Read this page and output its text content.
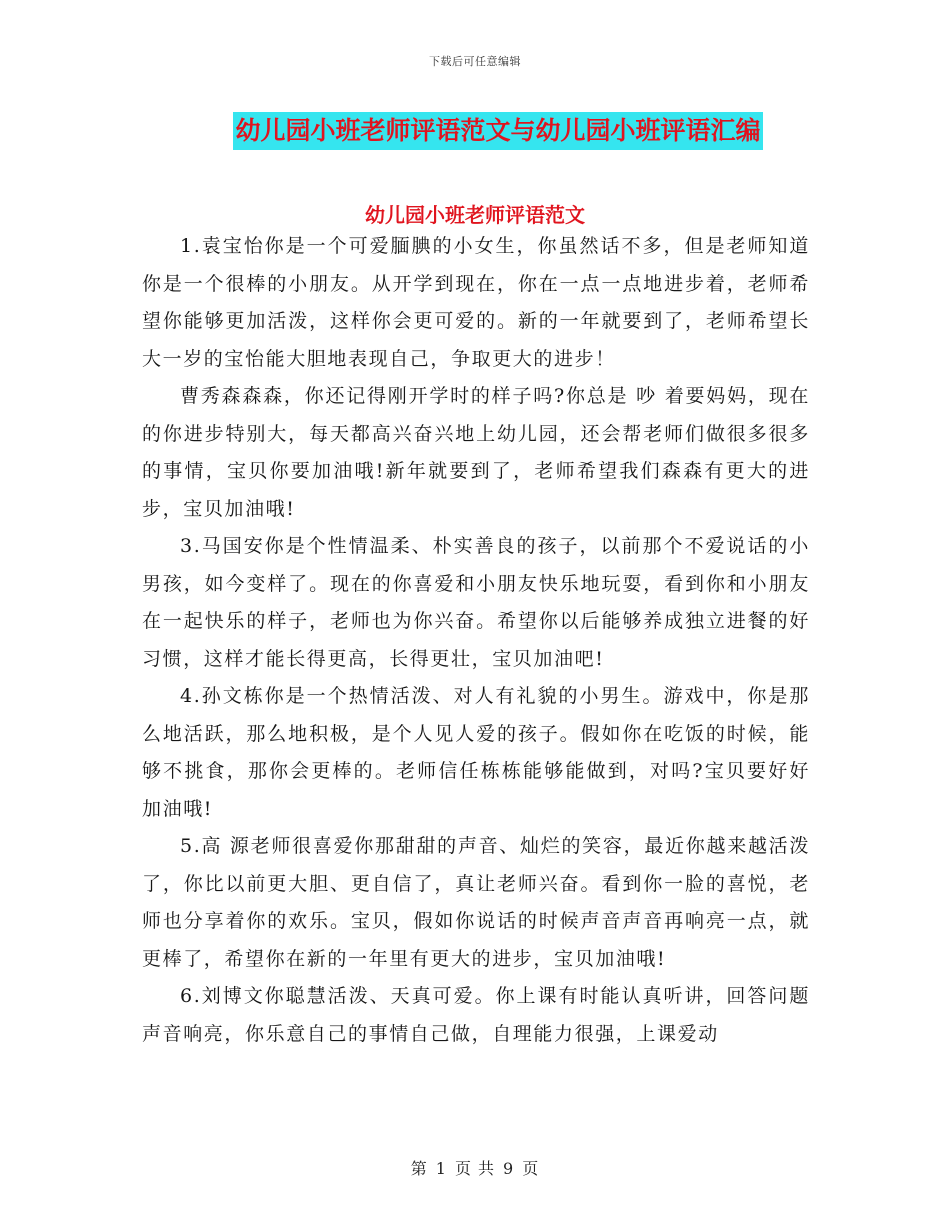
下载后可任意编辑
幼儿园小班老师评语范文与幼儿园小班评语汇编
幼儿园小班老师评语范文

1.袁宝怡你是一个可爱腼腆的小女生，你虽然话不多，但是老师知道你是一个很棒的小朋友。从开学到现在，你在一点一点地进步着，老师希望你能够更加活泼，这样你会更可爱的。新的一年就要到了，老师希望长大一岁的宝怡能大胆地表现自己，争取更大的进步！

曹秀森森森，你还记得刚开学时的样子吗?你总是 吵 着要妈妈，现在的你进步特别大，每天都高兴奋兴地上幼儿园，还会帮老师们做很多很多的事情，宝贝你要加油哦!新年就要到了，老师希望我们森森有更大的进步，宝贝加油哦!

3.马国安你是个性情温柔、朴实善良的孩子，以前那个不爱说话的小男孩，如今变样了。现在的你喜爱和小朋友快乐地玩耍，看到你和小朋友在一起快乐的样子，老师也为你兴奋。希望你以后能够养成独立进餐的好习惯，这样才能长得更高，长得更壮，宝贝加油吧!

4.孙文栋你是一个热情活泼、对人有礼貌的小男生。游戏中，你是那么地活跃，那么地积极，是个人见人爱的孩子。假如你在吃饭的时候，能够不挑食，那你会更棒的。老师信任栋栋能够能做到，对吗?宝贝要好好加油哦!

5.高 源老师很喜爱你那甜甜的声音、灿烂的笑容，最近你越来越活泼了，你比以前更大胆、更自信了，真让老师兴奋。看到你一脸的喜悦，老师也分享着你的欢乐。宝贝，假如你说话的时候声音声音再响亮一点，就更棒了，希望你在新的一年里有更大的进步，宝贝加油哦!

6.刘博文你聪慧活泼、天真可爱。你上课有时能认真听讲，回答问题声音响亮，你乐意自己的事情自己做，自理能力很强，上课爱动

第 1 页 共 9 页
